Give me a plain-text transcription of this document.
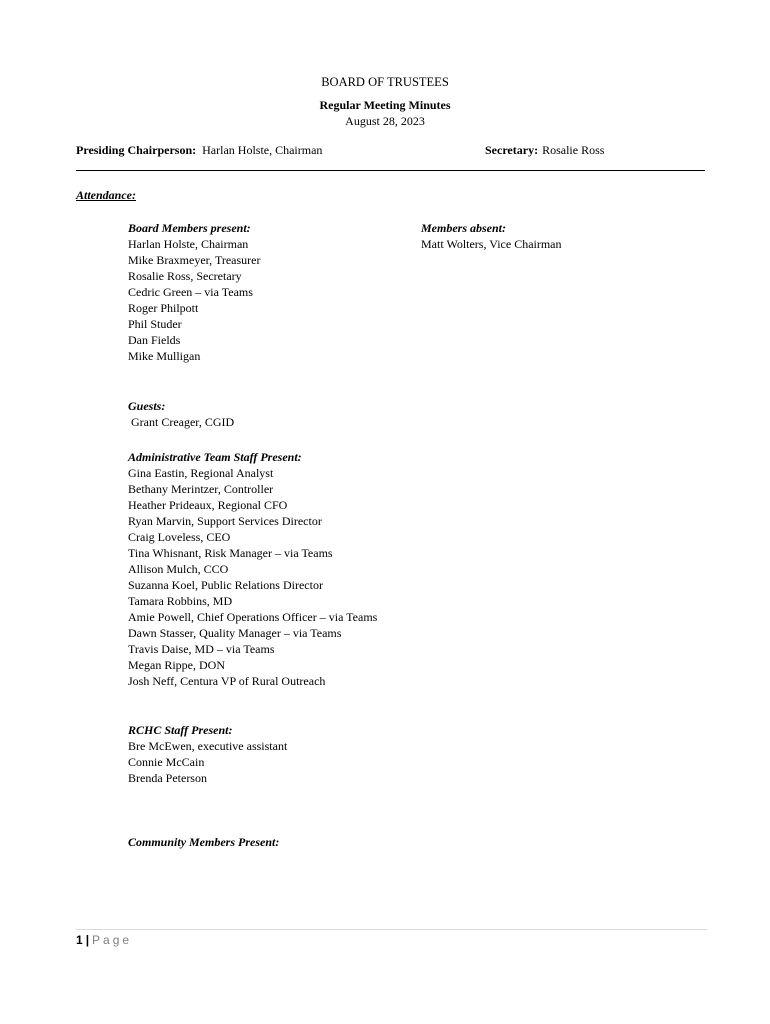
BOARD OF TRUSTEES
Regular Meeting Minutes
August 28, 2023
Presiding Chairperson: Harlan Holste, Chairman	Secretary: Rosalie Ross
Attendance:
Board Members present:
Harlan Holste, Chairman
Mike Braxmeyer, Treasurer
Rosalie Ross, Secretary
Cedric Green – via Teams
Roger Philpott
Phil Studer
Dan Fields
Mike Mulligan
Members absent:
Matt Wolters, Vice Chairman
Guests:
Grant Creager, CGID
Administrative Team Staff Present:
Gina Eastin, Regional Analyst
Bethany Merintzer, Controller
Heather Prideaux, Regional CFO
Ryan Marvin, Support Services Director
Craig Loveless, CEO
Tina Whisnant, Risk Manager – via Teams
Allison Mulch, CCO
Suzanna Koel, Public Relations Director
Tamara Robbins, MD
Amie Powell, Chief Operations Officer – via Teams
Dawn Stasser, Quality Manager – via Teams
Travis Daise, MD – via Teams
Megan Rippe, DON
Josh Neff, Centura VP of Rural Outreach
RCHC Staff Present:
Bre McEwen, executive assistant
Connie McCain
Brenda Peterson
Community Members Present:
1 | Page
